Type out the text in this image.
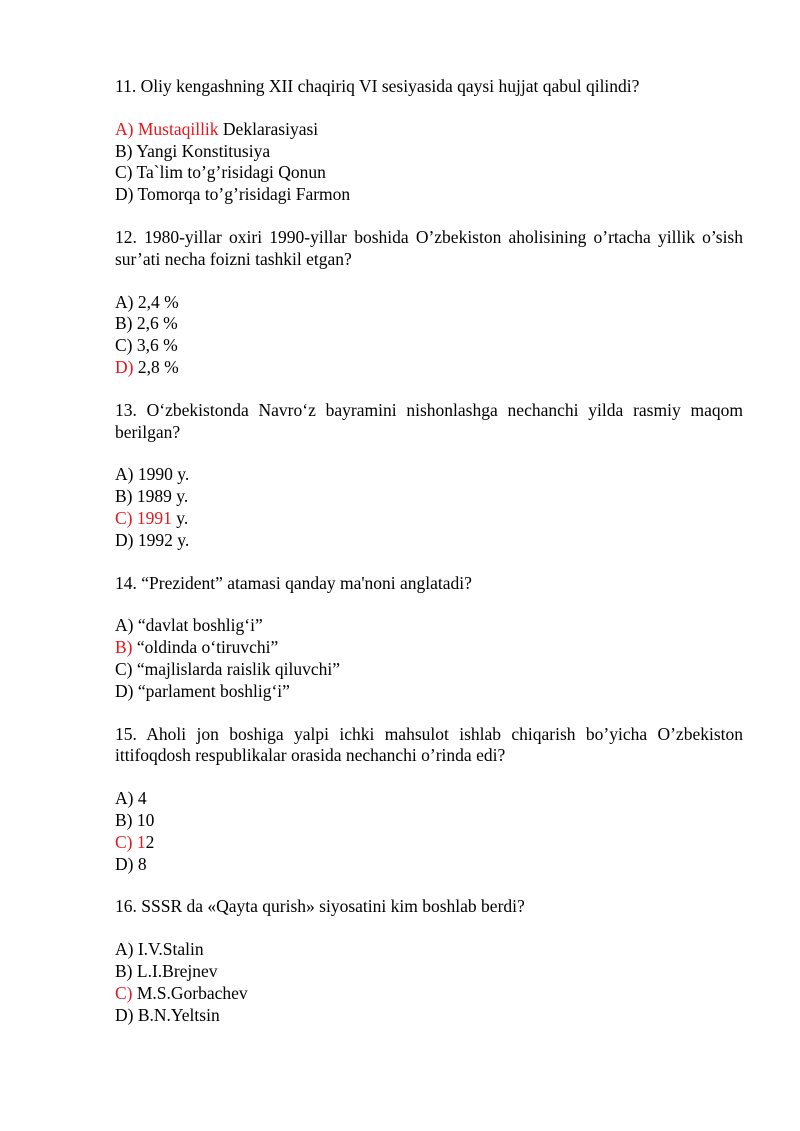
11. Oliy kengashning XII chaqiriq VI sesiyasida qaysi hujjat qabul qilindi?

A) Mustaqillik Deklarasiyasi

B) Yangi Konstitusiya

C) Ta`lim to’g’risidagi Qonun

D) Tomorqa to’g’risidagi Farmon

12. 1980-yillar oxiri 1990-yillar boshida O’zbekiston aholisining o’rtacha yillik o’sish sur’ati necha foizni tashkil etgan?

A) 2,4 %

B) 2,6 %

C) 3,6 %

D) 2,8 %

13. O‘zbekistonda Navro‘z bayramini nishonlashga nechanchi yilda rasmiy maqom berilgan?

A) 1990 y.

B) 1989 y.

C) 1991 y.

D) 1992 y.

14. “Prezident” atamasi qanday ma'noni anglatadi?

A) “davlat boshlig‘i”

B) “oldinda o‘tiruvchi”

C) “majlislarda raislik qiluvchi”

D) “parlament boshlig‘i”

15. Aholi jon boshiga yalpi ichki mahsulot ishlab chiqarish bo’yicha O’zbekiston ittifoqdosh respublikalar orasida nechanchi o’rinda edi?

A) 4

B) 10

C) 12

D) 8

16. SSSR da «Qayta qurish» siyosatini kim boshlab berdi?

A) I.V.Stalin

B) L.I.Brejnev

C) M.S.Gorbachev

D) B.N.Yeltsin
